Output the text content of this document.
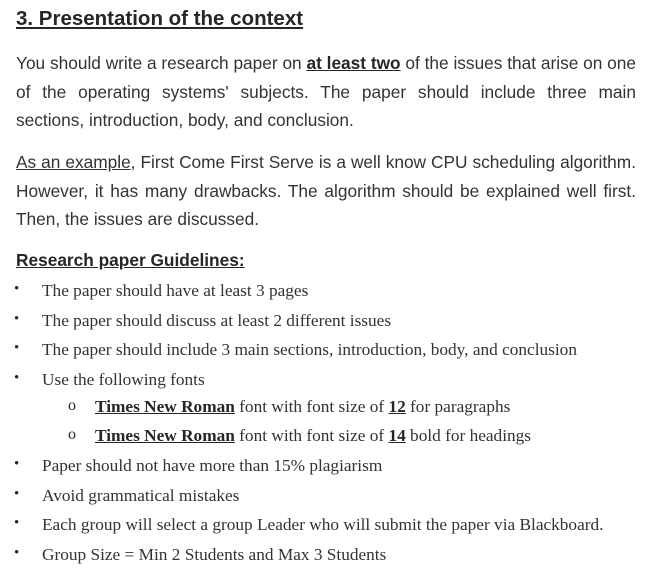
3. Presentation of the context
You should write a research paper on at least two of the issues that arise on one of the operating systems' subjects. The paper should include three main sections, introduction, body, and conclusion.
As an example, First Come First Serve is a well know CPU scheduling algorithm. However, it has many drawbacks. The algorithm should be explained well first. Then, the issues are discussed.
Research paper Guidelines:
• The paper should have at least 3 pages
• The paper should discuss at least 2 different issues
• The paper should include 3 main sections, introduction, body, and conclusion
• Use the following fonts
o Times New Roman font with font size of 12 for paragraphs
o Times New Roman font with font size of 14 bold for headings
• Paper should not have more than 15% plagiarism
• Avoid grammatical mistakes
• Each group will select a group Leader who will submit the paper via Blackboard.
• Group Size = Min 2 Students and Max 3 Students
